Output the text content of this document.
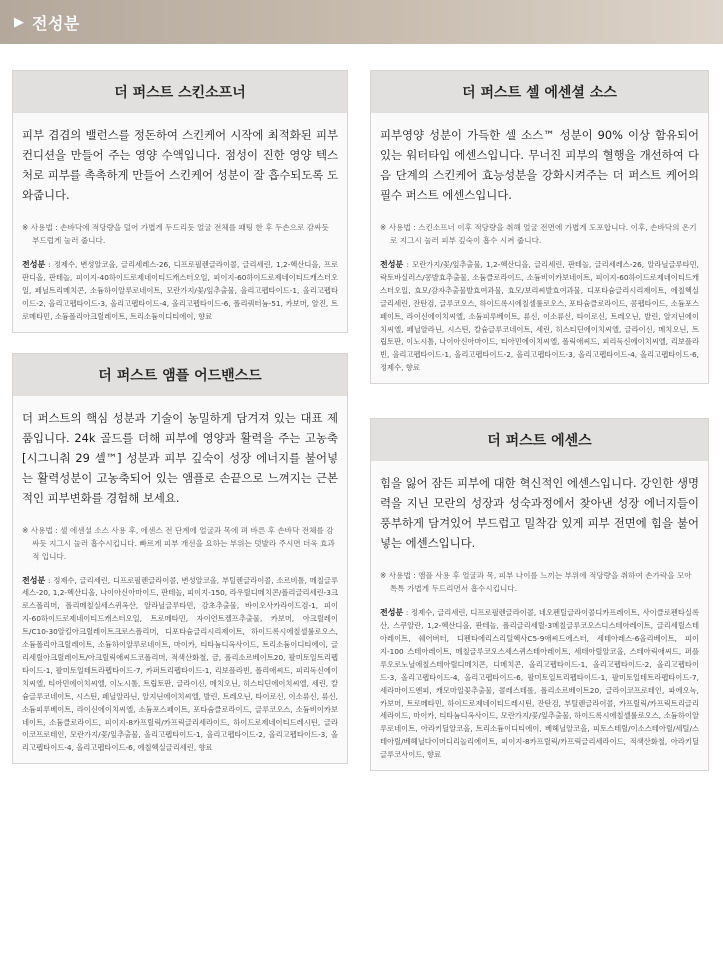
▶ 전성분
더 퍼스트 스킨소프너

피부 겹겹의 밸런스를 정돈하여 스킨케어 시작에 최적화된 피부 컨디션을 만들어 주는 영양 수액입니다. 점성이 진한 영양 텍스처로 피부를 촉촉하게 만들어 스킨케어 성분이 잘 흡수되도록 도와줍니다.

※ 사용법 : 손바닥에 적당량을 덜어 가볍게 두드리듯 얼굴 전체를 패팅 한 후 두손으로 감싸듯 부드럽게 눌러 줍니다.

전성분 : 정제수, 변성알코올, 글리세레스-26, 디프로필렌글라이콜, 글리세린, 1,2-헥산디올, 프로판디올, 판테놀, 피이지-40하이드로제네이티드캐스터오일, 피이지-60하이드로제네이티드캐스터오일, 페닐트리메치콘, 소듐하이알루로네이트, 모란가지/꽃/잎추출물, 올리고펩타이드-1, 올리고펩타이드-2, 올리고펩타이드-3, 올리고펩타이드-4, 올리고펩타이드-6, 폴리쿼터늄-51, 카보머, 알진, 트로메타민, 소듐폴리아크릴레이트, 트리소듐이디티에이, 향료

더 퍼스트 앰플 어드밴스드

더 퍼스트의 핵심 성분과 기술이 농밀하게 담겨져 있는 대표 제품입니다. 24k 골드를 더해 피부에 영양과 활력을 주는 고농축[시그니춰 29 셀™] 성분과 피부 깊숙이 성장 에너지를 불어넣는 활력성분이 고농축되어 있는 앰플로 손끝으로 느껴지는 근본적인 피부변화를 경험해 보세요.

※ 사용법 : 셀 에센셜 소스 사용 후, 에센스 전 단계에 얼굴과 목에 펴 바른 후 손바닥 전체를 감싸듯 지그시 눌러 흡수시킵니다. 빠르게 피부 개선을 요하는 부위는 덧발라 주시면 더욱 효과적 입니다.

전성분 : 정제수, 글리세린, 디프로필렌글라이콜, 변성알코올, 부틸렌글라이콜, 소르비톨, 메칠글루세스-20, 1,2-헥산디올, 나이아신아마이드, 판테놀, 피이지-150, 라우릴디메치콘/폴리글리세린-3크로스폴리머, 폴리메칠실세스퀴옥산, 알라닐글루타민, 감초추출물, 바이오사카라이드검-1, 피이지-60하이드로제네이티드캐스터오일, 트로메타민, 자이언트켈프추출물, 카보머, 아크릴레이트/C10-30알킬아크릴레이트크로스폴리머, 디포타슘글리시리제이트, 하이드록시에칠셀룰로오스, 소듐폴리아크릴레이트, 소듐하이알루로네이트, 마이카, 티타늄디옥사이드, 트리소듐이디티에이, 글리세릴아크릴레이트/아크릴릭애씨드코폴리머, 적색산화철, 금, 폴리소르베이트20, 팔미토일트리펩타이드-1, 팔미토일테트라펩타이드-7, 카퍼트리펩타이드-1, 리보플라빈, 폴리애씨드, 피리독신에이치씨엘, 티아민에이치씨엘, 이노시톨, 트립토판, 글라이신, 메치오닌, 히스티딘에이치씨엘, 세린, 칼슘글루코네이트, 시스틴, 페닐알라닌, 알지닌에이치씨엘, 발린, 트레오닌, 타이로신, 이소류신, 류신, 소듐피루베이트, 라이신에이치씨엘, 소듐포스페이트, 포타슘클로라이드, 글루코오스, 소듐비이카보네이트, 소듐클로라이드, 피이지-8카프릴릭/카프릭글리세라이드, 하이드로제네이티드레시틴, 글라이코프로테인, 모란가지/꽃/잎추출물, 올리고펩타이드-1, 올리고펩타이드-2, 올리고펩타이드-3, 올리고펩타이드-4, 올리고펩타이드-6, 에칠헥실글리세린, 향료

더 퍼스트 셀 에센셜 소스

피부영양 성분이 가득한 셀 소스™ 성분이 90% 이상 함유되어 있는 워터타입 에센스입니다. 무너진 피부의 혈행을 개선하여 다음 단계의 스킨케어 효능성분을 강화시켜주는 더 퍼스트 케어의 필수 퍼스트 에센스입니다.

※ 사용법 : 스킨소프너 이후 적당량을 취해 얼굴 전면에 가볍게 도포합니다. 이후, 손바닥의 온기로 지그시 눌러 피부 깊숙이 흡수 시켜 줍니다.

전성분 : 모란가지/꽃/잎추출물, 1,2-헥산디올, 글리세린, 판테놀, 글리세레스-26, 알라닐글루타민, 락토바실러스/콩발효추출물, 소듐클로라이드, 소듐비이카보네이트, 피이지-60하이드로제네이티드캐스터오일, 효모/감자추출물발효여과물, 효모/보리씨발효여과물, 디포타슘글리시리제이트, 에칠헥실글리세린, 잔탄검, 글루코오스, 하이드록시에칠셀룰로오스, 포타슘클로라이드, 콤펩타이드, 소듐포스페이트, 라이신에이치씨엘, 소듐피루베이트, 류신, 이소류신, 타이로신, 트레오닌, 발린, 알지닌에이치씨엘, 페닐알라닌, 시스틴, 칼슘글루코네이트, 세린, 히스티딘에이치씨엘, 글라이신, 메치오닌, 트립토판, 이노시톨, 나이아신아마이드, 티아민에이치씨엘, 폴릭애씨드, 피리독신에이치씨엘, 리보플라빈, 올리고펩타이드-1, 올리고펩타이드-2, 올리고펩타이드-3, 올리고펩타이드-4, 올리고펩타이드-6, 정제수, 향료

더 퍼스트 에센스

힘을 잃어 잠든 피부에 대한 혁신적인 에센스입니다. 강인한 생명력을 지닌 모란의 성장과 성숙과정에서 찾아낸 성장 에너지들이 풍부하게 담겨있어 부드럽고 밀착감 있게 피부 전면에 힘을 불어넣는 에센스입니다.

※ 사용법 : 앰플 사용 후 얼굴과 목, 피부 나이를 느끼는 부위에 적당량을 취하여 손가락을 모아 톡톡 가볍게 두드리면서 흡수시킵니다.

전성분 : 정제수, 글리세린, 디프로필렌글라이콜, 네오펜틸글라이콜디카프레이트, 사이클로펜타실록산, 스쿠알란, 1,2-헥산디올, 판테놀, 폴리글리세릴-3메칠글루코오스디스테아레이트, 글리세릴스테아레이트, 쉐어버터, 디펜타에리스리틸헥사C5-9애씨드에스터, 세테아레스-6올리베이트, 피이지-100 스테아레이트, 메칠글루코오스세스퀴스테아레이트, 세테아릴알코올, 스테아릭애씨드, 퍼플루오로노닐에칠스테아릴디메치콘, 디메치콘, 올리고펩타이드-1, 올리고펩타이드-2, 올리고펩타이드-3, 올리고펩타이드-4, 올리고펩타이드-6, 팔미토일트리펩타이드-1, 팔미토일테트라펩타이드-7, 세라마이드엔피, 캐모마일꽃추출물, 콜레스테롤, 폴리소르베이트20, 글라이코프로테인, 파에오녹, 카보머, 트로메타민, 하이드로제네이티드레시틴, 잔탄검, 부틸렌글라이콜, 카프릴릭/카프릭트리글리세라이드, 마이카, 티타늄디옥사이드, 모란가지/꽃/잎추출물, 하이드록시에칠셀룰로오스, 소듐하이알루로네이트, 아라키딜알코올, 트리소듐이디티에이, 베헤닐알코올, 피토스테릴/이소스테아릴/세틸/스테아릴/베헤닐다이머디리놀리에이트, 피이지-8카프릴릭/카프릭글리세라이드, 적색산화철, 아라키딜글루코사이드, 향료
